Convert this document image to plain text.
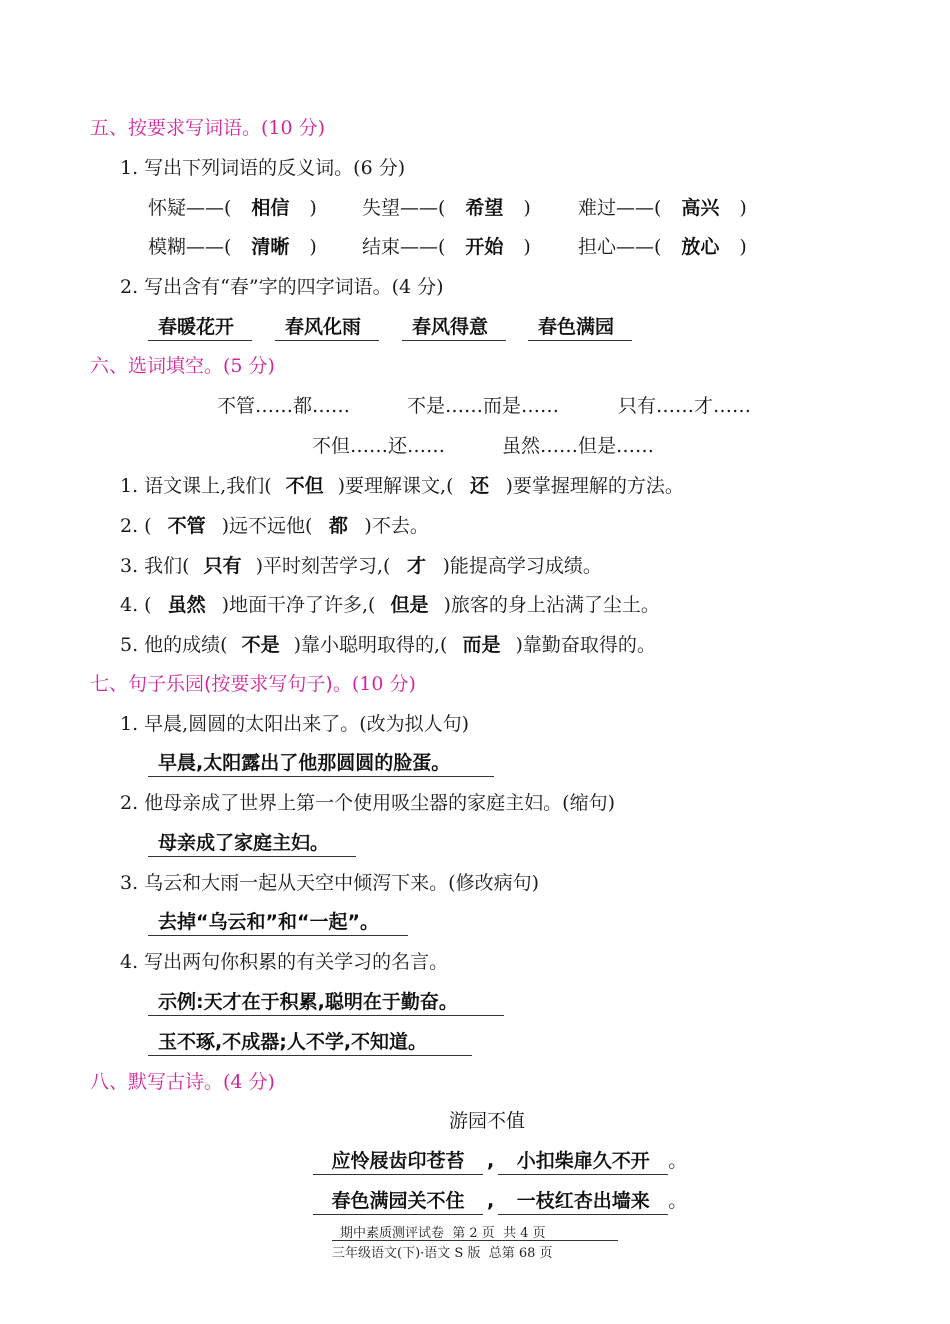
五、按要求写词语。(10 分)
1. 写出下列词语的反义词。(6 分)
怀疑——( 相信 ) 失望——( 希望 ) 难过——( 高兴 )
模糊——( 清晰 ) 结束——( 开始 ) 担心——( 放心 )
2. 写出含有“春”字的四字词语。(4 分)
春暖花开	春风化雨	春风得意	春色满园
六、选词填空。(5 分)
不管……都……	不是……而是……	只有……才……
不但……还……	虽然……但是……
1. 语文课上,我们( 不但 )要理解课文,( 还 )要掌握理解的方法。
2. ( 不管 )远不远他( 都 )不去。
3. 我们( 只有 )平时刻苦学习,( 才 )能提高学习成绩。
4. ( 虽然 )地面干净了许多,( 但是 )旅客的身上沾满了尘土。
5. 他的成绩( 不是 )靠小聪明取得的,( 而是 )靠勤奋取得的。
七、句子乐园(按要求写句子)。(10 分)
1. 早晨,圆圆的太阳出来了。(改为拟人句)
早晨,太阳露出了他那圆圆的脸蛋。
2. 他母亲成了世界上第一个使用吸尘器的家庭主妇。(缩句)
母亲成了家庭主妇。
3. 乌云和大雨一起从天空中倾泻下来。(修改病句)
去掉“乌云和”和“一起”。
4. 写出两句你积累的有关学习的名言。
示例:天才在于积累,聪明在于勤奋。
玉不琢,不成器;人不学,不知道。
八、默写古诗。(4 分)
游园不值
应怜屐齿印苍苔 , 小扣柴扉久不开 。
春色满园关不住 , 一枝红杏出墙来 。
期中素质测评试卷  第 2 页  共 4 页
三年级语文(下)·语文 S 版  总第 68 页
